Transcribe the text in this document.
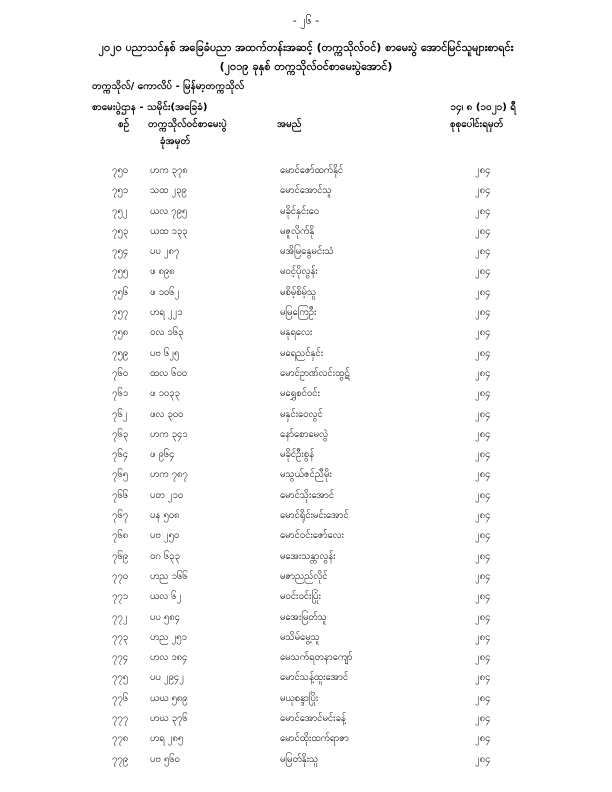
- ၂၆ -
၂၀၂၀ ပညာသင်နှစ် အခြေခံပညာ အထက်တန်းအဆင့် (တက္ကသိုလ်ဝင်) စာမေးပွဲ အောင်မြင်သူများစာရင်း
(၂၀၁၉ ခုနှစ် တက္ကသိုလ်ဝင်စာမေးပွဲအောင်)
တက္ကသိုလ်/ ကောလိပ် - မြန်မာ့တက္ကသိုလ်
စာမေးပွဲဌာန - သမိုင်း(အခြေခံ)	၁၄၊ ၈ (၁၀၂၁) ရီ
စဉ် တက္ကသိုလ်ဝင်စာမေးပွဲ
ခုံအမှတ်
အမည်	စုစုပေါင်းရမှတ်
၇၅၀ ဟက ၃၇၈	မောင်ဇော်ထက်နိုင်	၂၈၄
၇၅၁ သထ ၂၃၉	မောင်အောင်သူ	၂၈၄
၇၅၂ ယလ ၇၉၅	မခိုင်နှင်းဝေ	၂၈၄
၇၅၃ ယထ ၁၃၃	မဇူလိုက်နို	၂၈၄
၇၅၄ ပပ ၂၈၇	မအိမြနွေမင်းသံ	၂၈၄
၇၅၅ ဖ ၈၉၈	မဝင့်ပိုလွန်း	၂၈၄
၇၅၆ ဖ ၁၀၆၂	မစိမ့်စိမ့်သူ	၂၈၄
၇၅၇ ဟရ ၂၂၁	မမြကြေဦး	၂၈၄
၇၅၈ ဝလ ၁၆၃	မနုရလေး	၂၈၄
၇၅၉ ပဗ ၆၂၅	မရေညင်နှင်း	၂၈၄
၇၆၀ ထလ ၆၀၀	မောင်ဥာဏ်လင်းထွဋ်	၂၈၄
၇၆၁ ဖ ၁၀၃၃	မရွှေစင်ဝင်း	၂၈၄
၇၆၂ ဖလ ၃၀၀	မနှင်းဝေလွင်	၂၈၄
၇၆၃ ဟက ၃၄၁	နော်စောမေလွဲ	၂၈၄
၇၆၄ ဖ ၉၆၄	မခိုင်ဦးစွန်	၂၈၄
၇၆၅ ဟက ၇၈၇	မသွယ်ဇင်ညီမိုး	၂၈၄
၇၆၆ ပတ ၂၁၀	မောင်သိုးအောင်	၂၈၄
၇၆၇ ပန ၅၀၈	မောင်ရိုင်းမင်းအောင်	၂၈၄
၇၆၈ ပဗ ၂၅၀	မောင်ဝင်းဇော်လေး	၂၈၄
၇၆၉ ဝဂ ၆၃၃	မအေးသန္တာလွန်း	၂၈၄
၇၇၀ ဟည ၁၆၆	မဇာညည်လိုင်	၂၈၄
၇၇၁ ယလ ၆၂	မဝင်းဝင်းပြုံး	၂၈၄
၇၇၂ ပပ ၅၈၄	မအေးမြတ်သူ	၂၈၄
၇၇၃ ဟည ၂၅၁	မသိမ်မွေ့သူ	၂၈၄
၇၇၄ ဟလ ၁၈၄	မေသက်ရတနာကျော်	၂၈၄
၇၇၅ ပပ ၂၉၄၂	မောင်သန့်ထူးအောင်	၂၈၄
၇၇၆ ယဃ ၅၈၉	မယုစန္ဒာပြိုး	၂၈၄
၇၇၇ ဟဃ ၃၇၆	မောင်အောင်မင်းခန့်	၂၈၄
၇၇၈ ဟရ ၂၈၅	မောင်ထိုးထက်ရာဇာ	၂၈၄
၇၇၉ ပဗ ၅၆၀	မမြတ်နိုးသူ	၂၈၄
